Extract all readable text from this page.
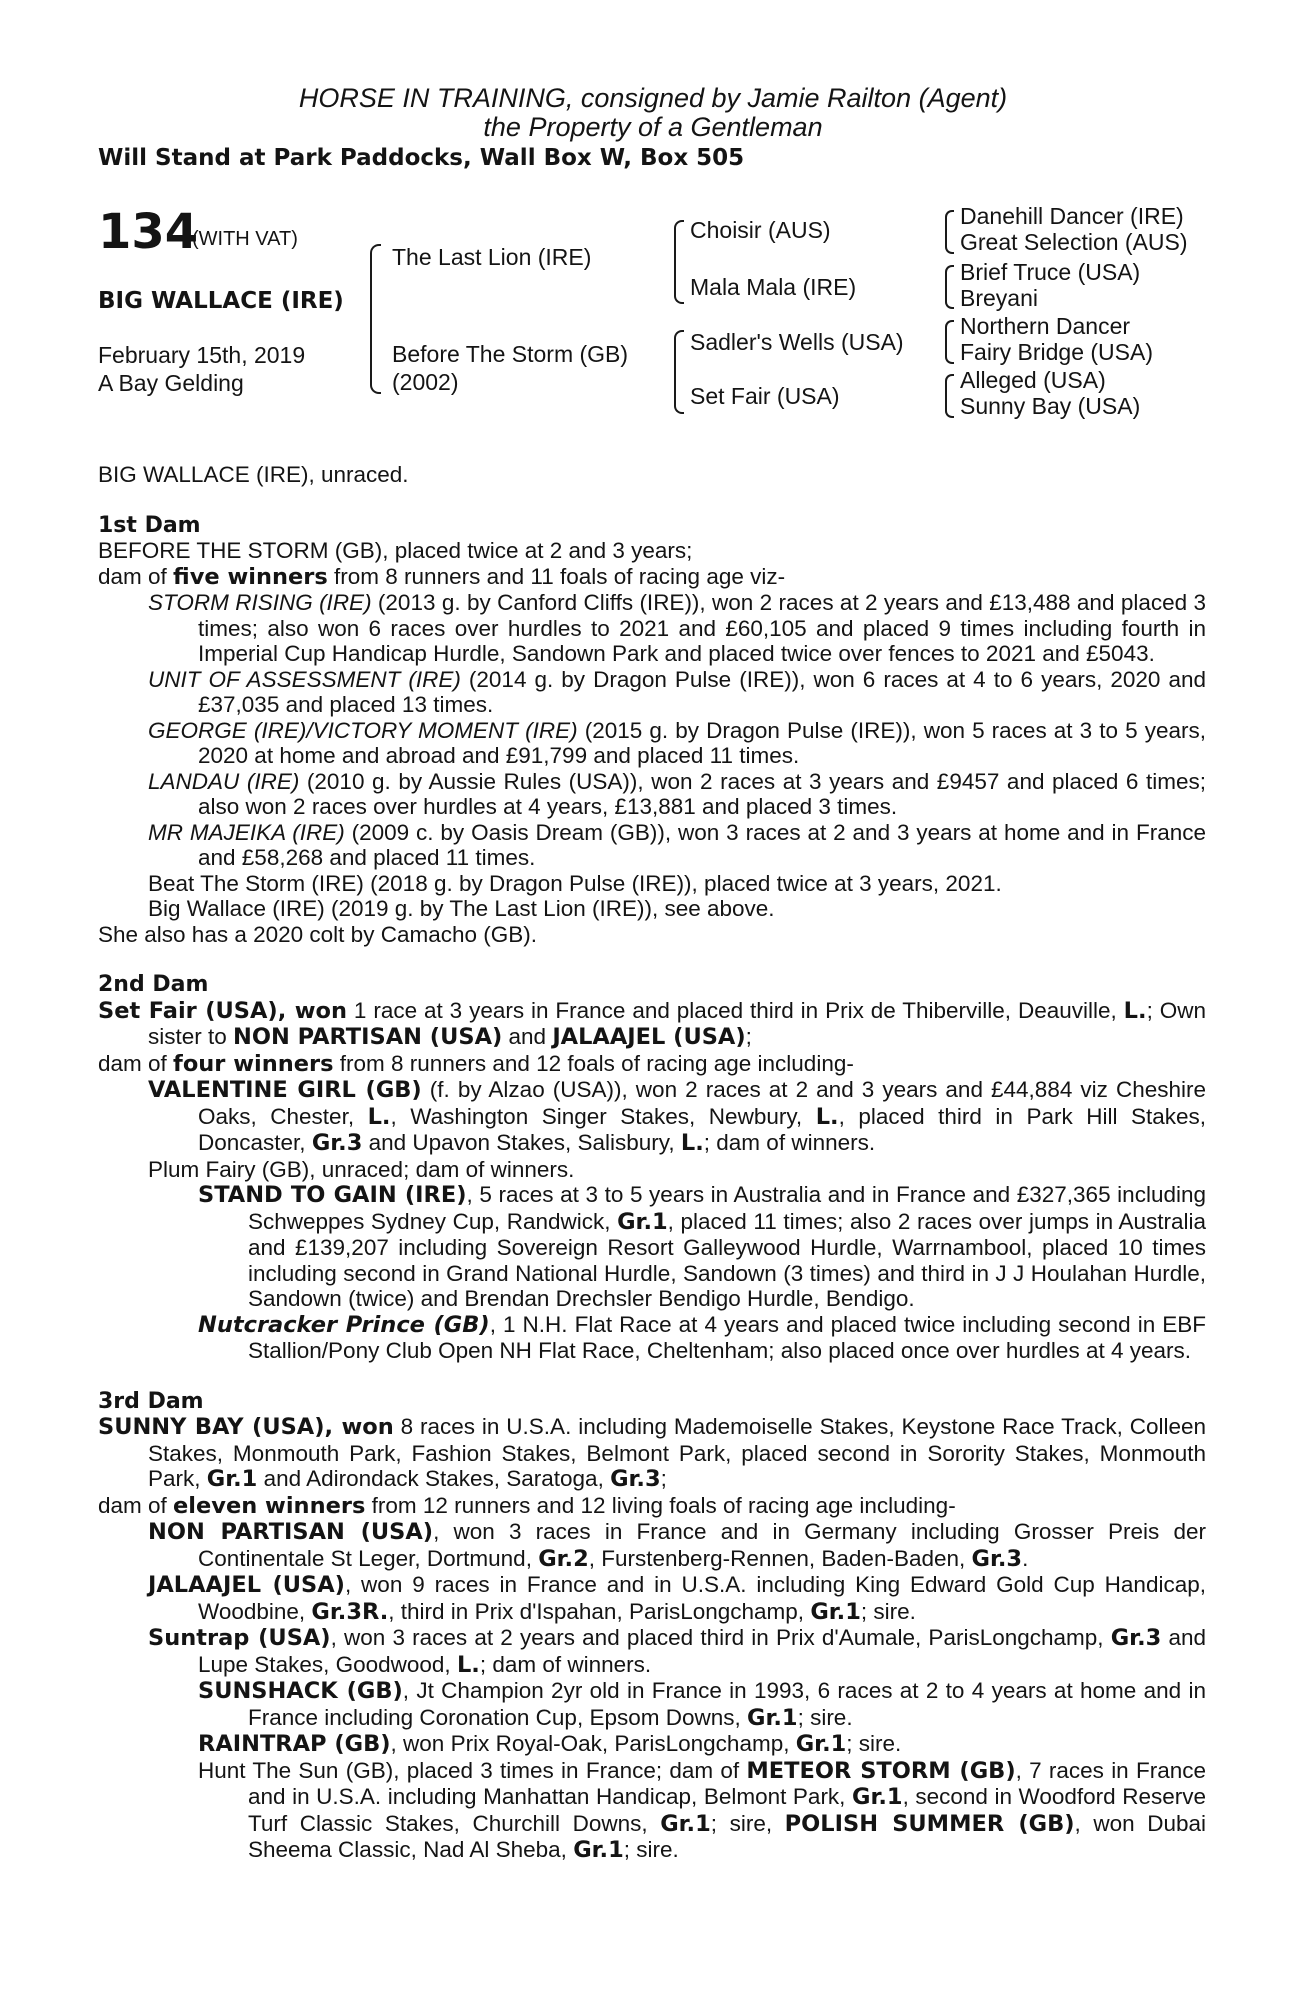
HORSE IN TRAINING, consigned by Jamie Railton (Agent)

the Property of a Gentleman

Will Stand at Park Paddocks, Wall Box W, Box 505

134
(WITH VAT)

BIG WALLACE (IRE)

February 15th, 2019

A Bay Gelding

The Last Lion (IRE)

Before The Storm (GB)

(2002)

Choisir (AUS)

Mala Mala (IRE)

Sadler's Wells (USA)

Set Fair (USA)

Danehill Dancer (IRE)

Great Selection (AUS)

Brief Truce (USA)

Breyani

Northern Dancer

Fairy Bridge (USA)

Alleged (USA)

Sunny Bay (USA)

BIG WALLACE (IRE), unraced.

1st Dam

BEFORE THE STORM (GB), placed twice at 2 and 3 years;

dam of five winners from 8 runners and 11 foals of racing age viz-

STORM RISING (IRE) (2013 g. by Canford Cliffs (IRE)), won 2 races at 2 years and £13,488 and placed 3 times; also won 6 races over hurdles to 2021 and £60,105 and placed 9 times including fourth in Imperial Cup Handicap Hurdle, Sandown Park and placed twice over fences to 2021 and £5043.

UNIT OF ASSESSMENT (IRE) (2014 g. by Dragon Pulse (IRE)), won 6 races at 4 to 6 years, 2020 and £37,035 and placed 13 times.

GEORGE (IRE)/VICTORY MOMENT (IRE) (2015 g. by Dragon Pulse (IRE)), won 5 races at 3 to 5 years, 2020 at home and abroad and £91,799 and placed 11 times.

LANDAU (IRE) (2010 g. by Aussie Rules (USA)), won 2 races at 3 years and £9457 and placed 6 times; also won 2 races over hurdles at 4 years, £13,881 and placed 3 times.

MR MAJEIKA (IRE) (2009 c. by Oasis Dream (GB)), won 3 races at 2 and 3 years at home and in France and £58,268 and placed 11 times.

Beat The Storm (IRE) (2018 g. by Dragon Pulse (IRE)), placed twice at 3 years, 2021.

Big Wallace (IRE) (2019 g. by The Last Lion (IRE)), see above.

She also has a 2020 colt by Camacho (GB).

2nd Dam

Set Fair (USA), won 1 race at 3 years in France and placed third in Prix de Thiberville, Deauville, L.; Own sister to NON PARTISAN (USA) and JALAAJEL (USA);

dam of four winners from 8 runners and 12 foals of racing age including-

VALENTINE GIRL (GB) (f. by Alzao (USA)), won 2 races at 2 and 3 years and £44,884 viz Cheshire Oaks, Chester, L., Washington Singer Stakes, Newbury, L., placed third in Park Hill Stakes, Doncaster, Gr.3 and Upavon Stakes, Salisbury, L.; dam of winners.

Plum Fairy (GB), unraced; dam of winners.

STAND TO GAIN (IRE), 5 races at 3 to 5 years in Australia and in France and £327,365 including Schweppes Sydney Cup, Randwick, Gr.1, placed 11 times; also 2 races over jumps in Australia and £139,207 including Sovereign Resort Galleywood Hurdle, Warrnambool, placed 10 times including second in Grand National Hurdle, Sandown (3 times) and third in J J Houlahan Hurdle, Sandown (twice) and Brendan Drechsler Bendigo Hurdle, Bendigo.

Nutcracker Prince (GB), 1 N.H. Flat Race at 4 years and placed twice including second in EBF Stallion/Pony Club Open NH Flat Race, Cheltenham; also placed once over hurdles at 4 years.

3rd Dam

SUNNY BAY (USA), won 8 races in U.S.A. including Mademoiselle Stakes, Keystone Race Track, Colleen Stakes, Monmouth Park, Fashion Stakes, Belmont Park, placed second in Sorority Stakes, Monmouth Park, Gr.1 and Adirondack Stakes, Saratoga, Gr.3;

dam of eleven winners from 12 runners and 12 living foals of racing age including-

NON PARTISAN (USA), won 3 races in France and in Germany including Grosser Preis der Continentale St Leger, Dortmund, Gr.2, Furstenberg-Rennen, Baden-Baden, Gr.3.

JALAAJEL (USA), won 9 races in France and in U.S.A. including King Edward Gold Cup Handicap, Woodbine, Gr.3R., third in Prix d'Ispahan, ParisLongchamp, Gr.1; sire.

Suntrap (USA), won 3 races at 2 years and placed third in Prix d'Aumale, ParisLongchamp, Gr.3 and Lupe Stakes, Goodwood, L.; dam of winners.

SUNSHACK (GB), Jt Champion 2yr old in France in 1993, 6 races at 2 to 4 years at home and in France including Coronation Cup, Epsom Downs, Gr.1; sire.

RAINTRAP (GB), won Prix Royal-Oak, ParisLongchamp, Gr.1; sire.

Hunt The Sun (GB), placed 3 times in France; dam of METEOR STORM (GB), 7 races in France and in U.S.A. including Manhattan Handicap, Belmont Park, Gr.1, second in Woodford Reserve Turf Classic Stakes, Churchill Downs, Gr.1; sire, POLISH SUMMER (GB), won Dubai Sheema Classic, Nad Al Sheba, Gr.1; sire.
